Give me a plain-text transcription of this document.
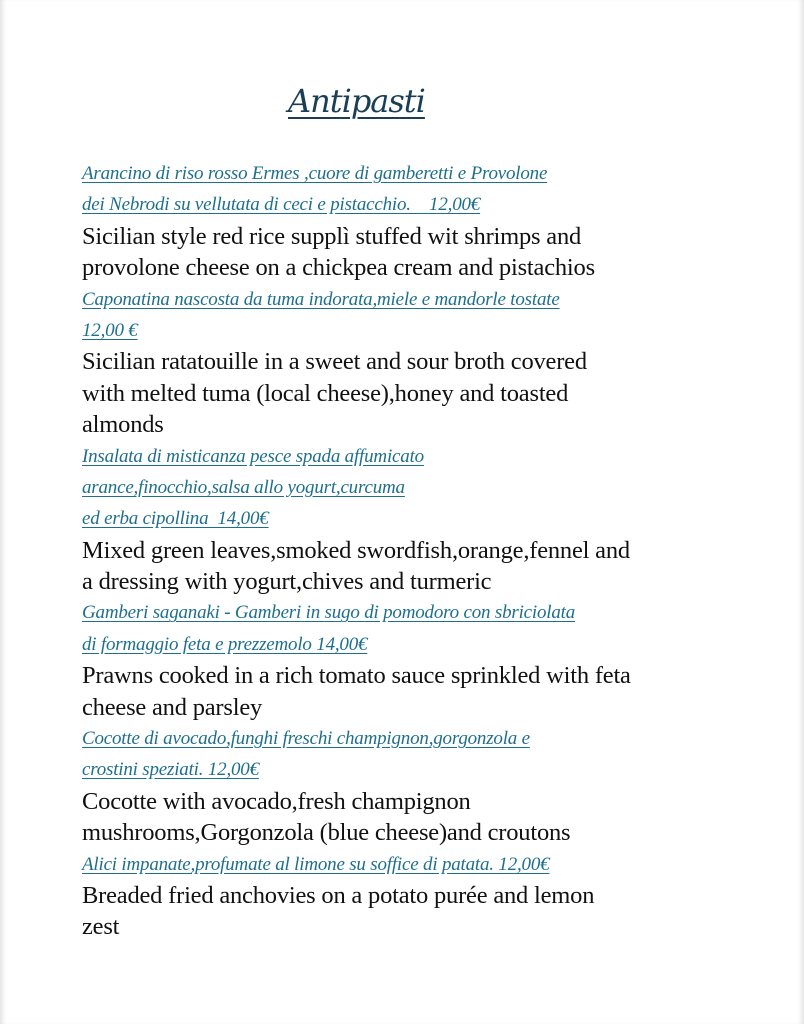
Antipasti
Arancino di riso rosso Ermes ,cuore di gamberetti e Provolone
dei Nebrodi su vellutata di ceci e pistacchio.    12,00€
Sicilian style red rice supplì stuffed wit shrimps and
provolone cheese on a chickpea cream and pistachios
Caponatina nascosta da tuma indorata,miele e mandorle tostate
12,00 €
Sicilian ratatouille in a sweet and sour broth covered
with melted tuma (local cheese),honey and toasted
almonds
Insalata di misticanza pesce spada affumicato
arance,finocchio,salsa allo yogurt,curcuma
ed erba cipollina  14,00€
Mixed green leaves,smoked swordfish,orange,fennel and
a dressing with yogurt,chives and turmeric
Gamberi saganaki - Gamberi in sugo di pomodoro con sbriciolata
di formaggio feta e prezzemolo 14,00€
Prawns cooked in a rich tomato sauce sprinkled with feta
cheese and parsley
Cocotte di avocado,funghi freschi champignon,gorgonzola e
crostini speziati. 12,00€
Cocotte with avocado,fresh champignon
mushrooms,Gorgonzola (blue cheese)and croutons
Alici impanate,profumate al limone su soffice di patata. 12,00€
Breaded fried anchovies on a potato purée and lemon
zest
